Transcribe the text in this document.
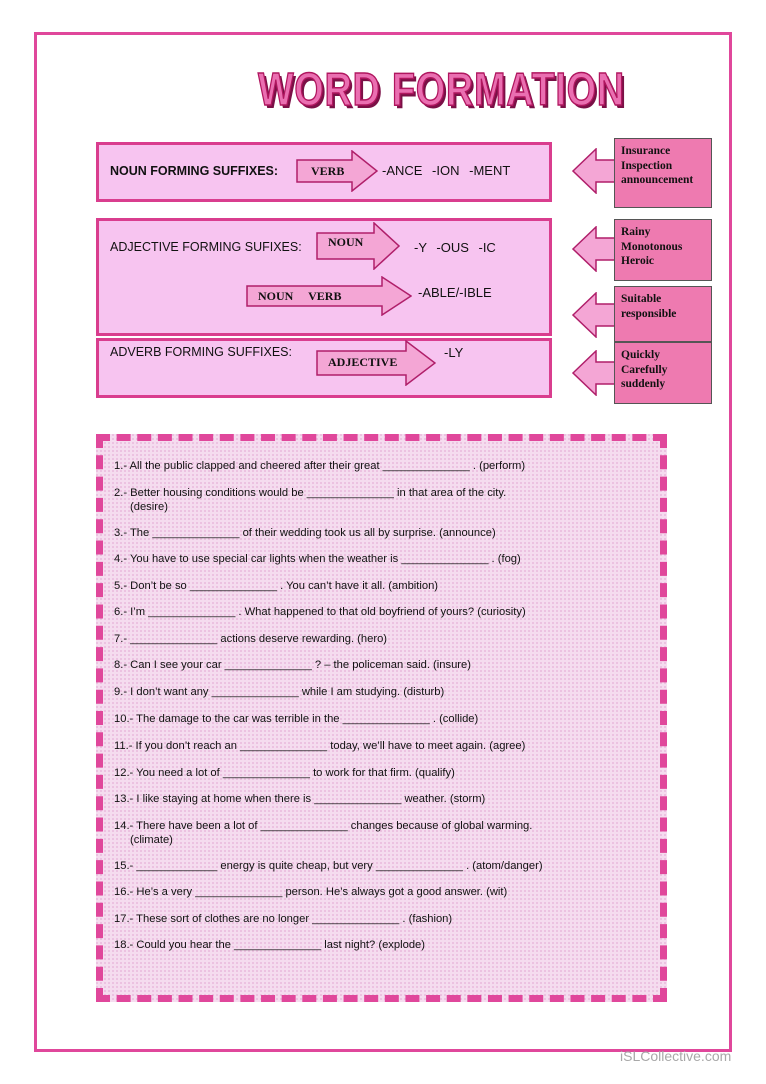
WORD FORMATION
NOUN FORMING SUFFIXES:	VERB	-ANCE -ION -MENT
ADJECTIVE FORMING SUFIXES: NOUN	-Y -OUS -IC
NOUN     VERB	-ABLE/-IBLE
ADVERB FORMING SUFFIXES:
ADJECTIVE
-LY
Insurance
Inspection
announcement
Rainy
Monotonous
Heroic
Suitable
responsible
Quickly
Carefully
suddenly
1.- All the public clapped and cheered after their great ______________ . (perform)
2.- Better housing conditions would be ______________ in that area of the city.
(desire)
3.- The ______________ of their wedding took us all by surprise. (announce)
4.- You have to use special car lights when the weather is ______________ . (fog)
5.- Don’t be so ______________ . You can’t have it all. (ambition)
6.- I’m ______________ . What happened to that old boyfriend of yours? (curiosity)
7.- ______________ actions deserve rewarding. (hero)
8.- Can I see your car ______________ ? – the policeman said. (insure)
9.- I don’t want any ______________ while I am studying. (disturb)
10.- The damage to the car was terrible in the ______________ . (collide)
11.- If you don’t reach an ______________ today, we’ll have to meet again. (agree)
12.- You need a lot of ______________ to work for that firm. (qualify)
13.- I like staying at home when there is ______________ weather. (storm)
14.- There have been a lot of ______________ changes because of global warming.
(climate)
15.- _____________ energy is quite cheap, but very ______________ . (atom/danger)
16.- He’s a very ______________ person. He’s always got a good answer. (wit)
17.- These sort of clothes are no longer ______________ . (fashion)
18.- Could you hear the ______________ last night? (explode)
iSLCollective.com
